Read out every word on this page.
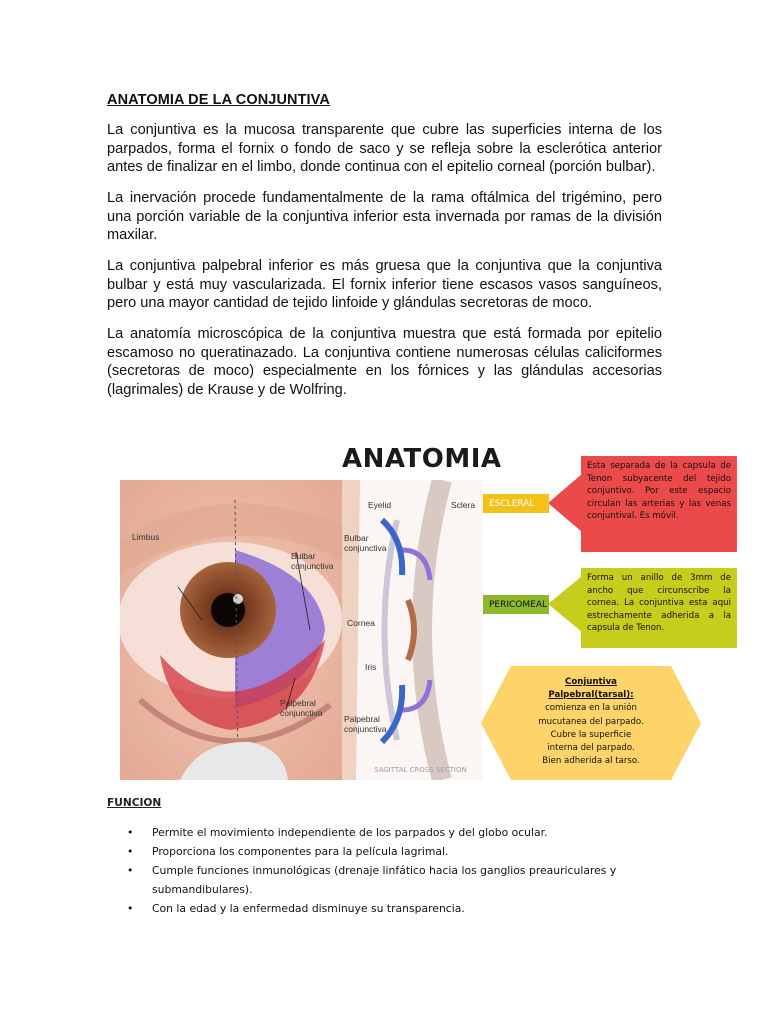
ANATOMIA DE LA CONJUNTIVA

La conjuntiva es la mucosa transparente que cubre las superficies interna de los parpados, forma el fornix o fondo de saco y se refleja sobre la esclerótica anterior antes de finalizar en el limbo, donde continua con el epitelio corneal (porción bulbar).

La inervación procede fundamentalmente de la rama oftálmica del trigémino, pero una porción variable de la conjuntiva inferior esta invernada por ramas de la división maxilar.

La conjuntiva palpebral inferior es más gruesa que la conjuntiva que la conjuntiva bulbar y está muy vascularizada. El fornix inferior tiene escasos vasos sanguíneos, pero una mayor cantidad de tejido linfoide y glándulas secretoras de moco.

La anatomía microscópica de la conjuntiva muestra que está formada por epitelio escamoso no queratinazado. La conjuntiva contiene numerosas células caliciformes (secretoras de moco) especialmente en los fórnices y las glándulas accesorias (lagrimales) de Krause y de Wolfring.

ANATOMIA
Limbus
Bulbar conjunctiva
Palpebral conjunctiva
SAGITTAL CROSS SECTION
Eyelid	Sclera
Bulbar conjunctiva
Cornea
Iris
Palpebral conjunctiva
ESCLERAL
PERICOMEAL
Esta separada de la capsula de Tenon subyacente del tejido conjuntivo. Por este espacio circulan las arterias y las venas conjuntival. Es móvil.
Forma un anillo de 3mm de ancho que circunscribe la cornea. La conjuntiva esta aqui estrechamente adherida a la capsula de Tenon.
Conjuntiva
Palpebral(tarsal):
comienza en la unión
mucutanea del parpado.
Cubre la superficie
interna del parpado.
Bien adherida al tarso.
FUNCION
• Permite el movimiento independiente de los parpados y del globo ocular.
• Proporciona los componentes para la película lagrimal.
• Cumple funciones inmunológicas (drenaje linfático hacia los ganglios preauriculares y submandibulares).
• Con la edad y la enfermedad disminuye su transparencia.
